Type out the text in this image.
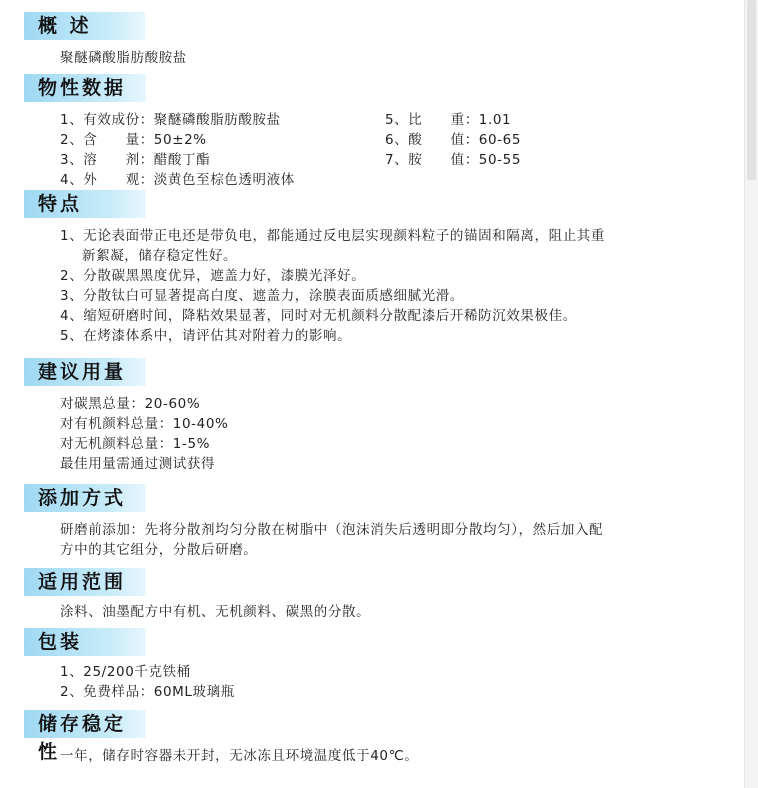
概 述
聚醚磷酸脂肪酸胺盐
物性数据
1、有效成份：聚醚磷酸脂肪酸胺盐
2、含　　量：50±2%
3、溶　　剂：醋酸丁酯
4、外　　观：淡黄色至棕色透明液体
5、比　　重：1.01
6、酸　　值：60-65
7、胺　　值：50-55
特点
1、无论表面带正电还是带负电，都能通过反电层实现颜料粒子的锚固和隔离，阻止其重
新絮凝，储存稳定性好。
2、分散碳黑黑度优异，遮盖力好，漆膜光泽好。
3、分散钛白可显著提高白度、遮盖力，涂膜表面质感细腻光滑。
4、缩短研磨时间，降粘效果显著，同时对无机颜料分散配漆后开稀防沉效果极佳。
5、在烤漆体系中，请评估其对附着力的影响。
建议用量
对碳黑总量：20-60%
对有机颜料总量：10-40%
对无机颜料总量：1-5%
最佳用量需通过测试获得
添加方式
研磨前添加：先将分散剂均匀分散在树脂中（泡沫消失后透明即分散均匀），然后加入配
方中的其它组分，分散后研磨。
适用范围
涂料、油墨配方中有机、无机颜料、碳黑的分散。
包装
1、25/200千克铁桶
2、免费样品：60ML玻璃瓶
储存稳定性 一年，储存时容器未开封，无冰冻且环境温度低于40℃。
